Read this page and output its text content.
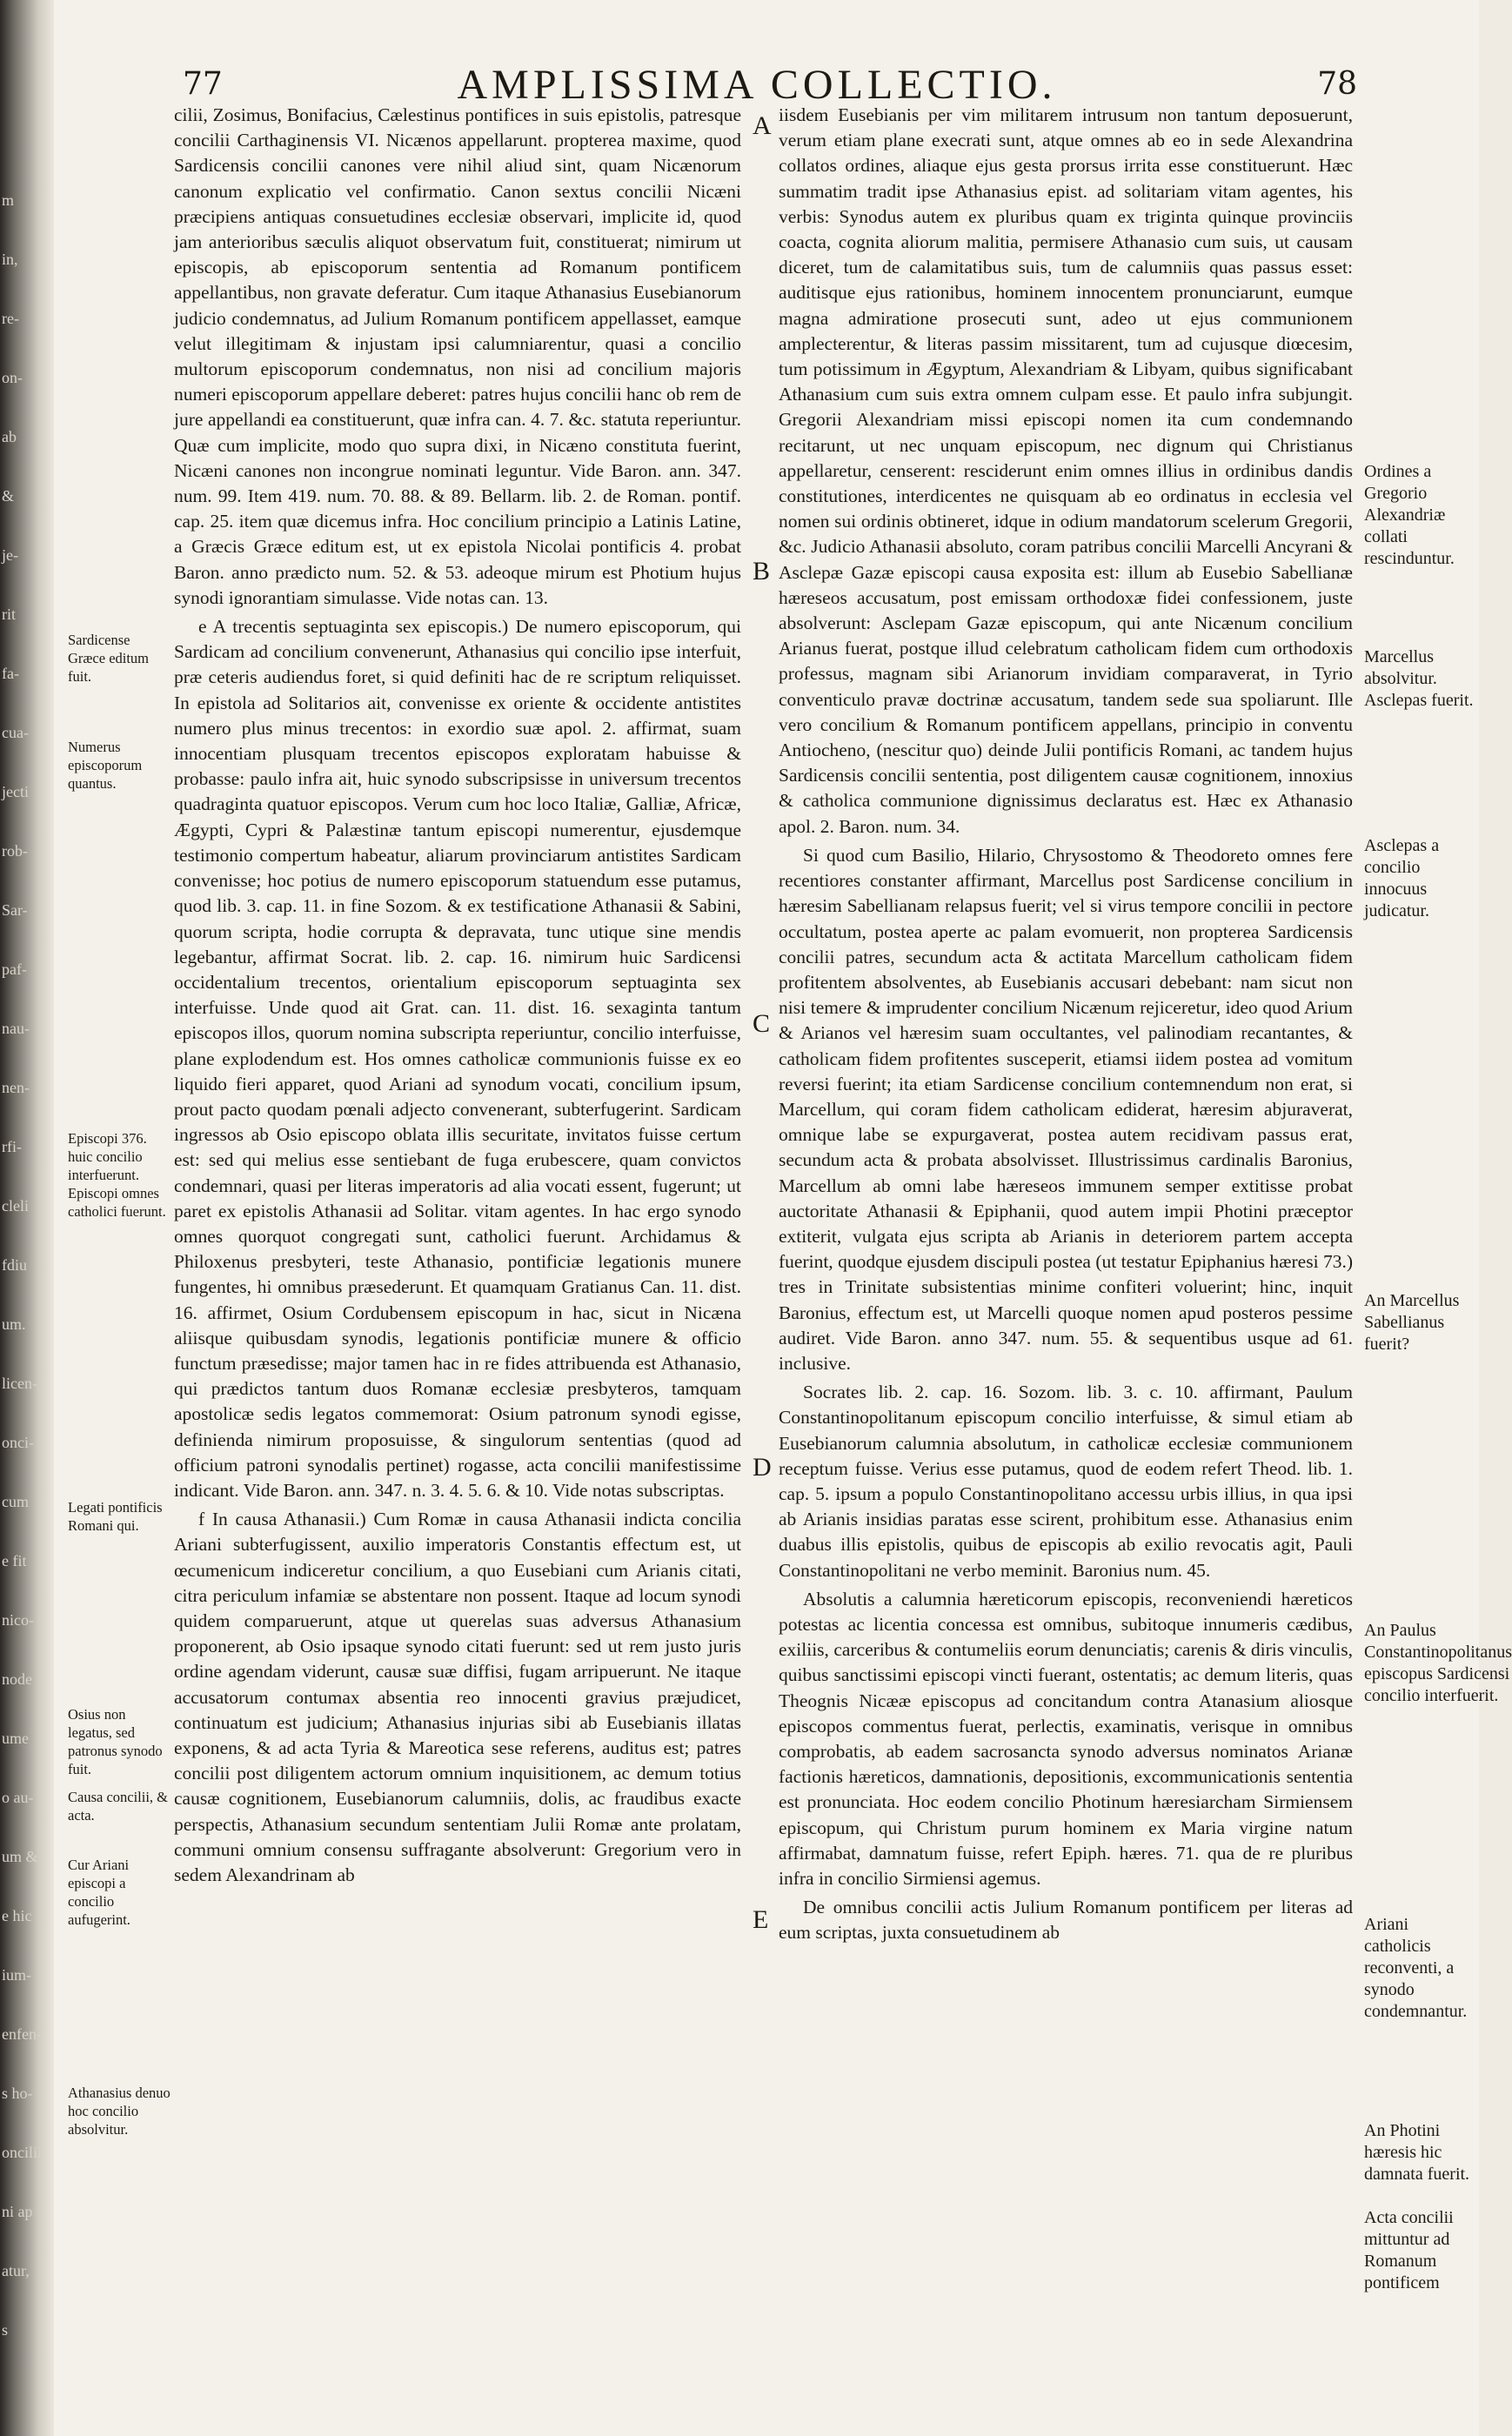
m
in,
re-
on-
ab
&
je-
rit
fa-
cua-
jecti
rob-
Sar-
paf-
nau-
nen-
rfi-
cleli
fdiu
um.
licen-
onci-
cum
e fit
nico-
node
ume
o au-
um &
e hic
ium-
enfen-
s ho-
oncilii
ni ap
atur,
s
77	AMPLISSIMA COLLECTIO.	78

cilii, Zosimus, Bonifacius, Cælestinus pontifices in suis epistolis, patresque concilii Carthaginensis VI. Nicænos appellarunt. propterea maxime, quod Sardicensis concilii canones vere nihil aliud sint, quam Nicænorum canonum explicatio vel confirmatio. Canon sextus concilii Nicæni præcipiens antiquas consuetudines ecclesiæ observari, implicite id, quod jam anterioribus sæculis aliquot observatum fuit, constituerat; nimirum ut episcopis, ab episcoporum sententia ad Romanum pontificem appellantibus, non gravate deferatur. Cum itaque Athanasius Eusebianorum judicio condemnatus, ad Julium Romanum pontificem appellasset, eamque velut illegitimam & injustam ipsi calumniarentur, quasi a concilio multorum episcoporum condemnatus, non nisi ad concilium majoris numeri episcoporum appellare deberet: patres hujus concilii hanc ob rem de jure appellandi ea constituerunt, quæ infra can. 4. 7. &c. statuta reperiuntur. Quæ cum implicite, modo quo supra dixi, in Nicæno constituta fuerint, Nicæni canones non incongrue nominati leguntur. Vide Baron. ann. 347. num. 99. Item 419. num. 70. 88. & 89. Bellarm. lib. 2. de Roman. pontif. cap. 25. item quæ dicemus infra. Hoc concilium principio a Latinis Latine, a Græcis Græce editum est, ut ex epistola Nicolai pontificis 4. probat Baron. anno prædicto num. 52. & 53. adeoque mirum est Photium hujus synodi ignorantiam simulasse. Vide notas can. 13.

e A trecentis septuaginta sex episcopis.) De numero episcoporum, qui Sardicam ad concilium convenerunt, Athanasius qui concilio ipse interfuit, præ ceteris audiendus foret, si quid definiti hac de re scriptum reliquisset. In epistola ad Solitarios ait, convenisse ex oriente & occidente antistites numero plus minus trecentos: in exordio suæ apol. 2. affirmat, suam innocentiam plusquam trecentos episcopos exploratam habuisse & probasse: paulo infra ait, huic synodo subscripsisse in universum trecentos quadraginta quatuor episcopos. Verum cum hoc loco Italiæ, Galliæ, Africæ, Ægypti, Cypri & Palæstinæ tantum episcopi numerentur, ejusdemque testimonio compertum habeatur, aliarum provinciarum antistites Sardicam convenisse; hoc potius de numero episcoporum statuendum esse putamus, quod lib. 3. cap. 11. in fine Sozom. & ex testificatione Athanasii & Sabini, quorum scripta, hodie corrupta & depravata, tunc utique sine mendis legebantur, affirmat Socrat. lib. 2. cap. 16. nimirum huic Sardicensi occidentalium trecentos, orientalium episcoporum septuaginta sex interfuisse. Unde quod ait Grat. can. 11. dist. 16. sexaginta tantum episcopos illos, quorum nomina subscripta reperiuntur, concilio interfuisse, plane explodendum est. Hos omnes catholicæ communionis fuisse ex eo liquido fieri apparet, quod Ariani ad synodum vocati, concilium ipsum, prout pacto quodam pœnali adjecto convenerant, subterfugerint. Sardicam ingressos ab Osio episcopo oblata illis securitate, invitatos fuisse certum est: sed qui melius esse sentiebant de fuga erubescere, quam convictos condemnari, quasi per literas imperatoris ad alia vocati essent, fugerunt; ut paret ex epistolis Athanasii ad Solitar. vitam agentes. In hac ergo synodo omnes quorquot congregati sunt, catholici fuerunt. Archidamus & Philoxenus presbyteri, teste Athanasio, pontificiæ legationis munere fungentes, hi omnibus præsederunt. Et quamquam Gratianus Can. 11. dist. 16. affirmet, Osium Cordubensem episcopum in hac, sicut in Nicæna aliisque quibusdam synodis, legationis pontificiæ munere & officio functum præsedisse; major tamen hac in re fides attribuenda est Athanasio, qui prædictos tantum duos Romanæ ecclesiæ presbyteros, tamquam apostolicæ sedis legatos commemorat: Osium patronum synodi egisse, definienda nimirum proposuisse, & singulorum sententias (quod ad officium patroni synodalis pertinet) rogasse, acta concilii manifestissime indicant. Vide Baron. ann. 347. n. 3. 4. 5. 6. & 10. Vide notas subscriptas.

f In causa Athanasii.) Cum Romæ in causa Athanasii indicta concilia Ariani subterfugissent, auxilio imperatoris Constantis effectum est, ut œcumenicum indiceretur concilium, a quo Eusebiani cum Arianis citati, citra periculum infamiæ se abstentare non possent. Itaque ad locum synodi quidem comparuerunt, atque ut querelas suas adversus Athanasium proponerent, ab Osio ipsaque synodo citati fuerunt: sed ut rem justo juris ordine agendam viderunt, causæ suæ diffisi, fugam arripuerunt. Ne itaque accusatorum contumax absentia reo innocenti gravius præjudicet, continuatum est judicium; Athanasius injurias sibi ab Eusebianis illatas exponens, & ad acta Tyria & Mareotica sese referens, auditus est; patres concilii post diligentem actorum omnium inquisitionem, ac demum totius causæ cognitionem, Eusebianorum calumniis, dolis, ac fraudibus exacte perspectis, Athanasium secundum sententiam Julii Romæ ante prolatam, communi omnium consensu suffragante absolverunt: Gregorium vero in sedem Alexandrinam ab

iisdem Eusebianis per vim militarem intrusum non tantum deposuerunt, verum etiam plane execrati sunt, atque omnes ab eo in sede Alexandrina collatos ordines, aliaque ejus gesta prorsus irrita esse constituerunt. Hæc summatim tradit ipse Athanasius epist. ad solitariam vitam agentes, his verbis: Synodus autem ex pluribus quam ex triginta quinque provinciis coacta, cognita aliorum malitia, permisere Athanasio cum suis, ut causam diceret, tum de calamitatibus suis, tum de calumniis quas passus esset: auditisque ejus rationibus, hominem innocentem pronunciarunt, eumque magna admiratione prosecuti sunt, adeo ut ejus communionem amplecterentur, & literas passim missitarent, tum ad cujusque diœcesim, tum potissimum in Ægyptum, Alexandriam & Libyam, quibus significabant Athanasium cum suis extra omnem culpam esse. Et paulo infra subjungit. Gregorii Alexandriam missi episcopi nomen ita cum condemnando recitarunt, ut nec unquam episcopum, nec dignum qui Christianus appellaretur, censerent: resciderunt enim omnes illius in ordinibus dandis constitutiones, interdicentes ne quisquam ab eo ordinatus in ecclesia vel nomen sui ordinis obtineret, idque in odium mandatorum scelerum Gregorii, &c. Judicio Athanasii absoluto, coram patribus concilii Marcelli Ancyrani & Asclepæ Gazæ episcopi causa exposita est: illum ab Eusebio Sabellianæ hæreseos accusatum, post emissam orthodoxæ fidei confessionem, juste absolverunt: Asclepam Gazæ episcopum, qui ante Nicænum concilium Arianus fuerat, postque illud celebratum catholicam fidem cum orthodoxis professus, magnam sibi Arianorum invidiam comparaverat, in Tyrio conventiculo pravæ doctrinæ accusatum, tandem sede sua spoliarunt. Ille vero concilium & Romanum pontificem appellans, principio in conventu Antiocheno, (nescitur quo) deinde Julii pontificis Romani, ac tandem hujus Sardicensis concilii sententia, post diligentem causæ cognitionem, innoxius & catholica communione dignissimus declaratus est. Hæc ex Athanasio apol. 2. Baron. num. 34.

Si quod cum Basilio, Hilario, Chrysostomo & Theodoreto omnes fere recentiores constanter affirmant, Marcellus post Sardicense concilium in hæresim Sabellianam relapsus fuerit; vel si virus tempore concilii in pectore occultatum, postea aperte ac palam evomuerit, non propterea Sardicensis concilii patres, secundum acta & actitata Marcellum catholicam fidem profitentem absolventes, ab Eusebianis accusari debebant: nam sicut non nisi temere & imprudenter concilium Nicænum rejiceretur, ideo quod Arium & Arianos vel hæresim suam occultantes, vel palinodiam recantantes, & catholicam fidem profitentes susceperit, etiamsi iidem postea ad vomitum reversi fuerint; ita etiam Sardicense concilium contemnendum non erat, si Marcellum, qui coram fidem catholicam ediderat, hæresim abjuraverat, omnique labe se expurgaverat, postea autem recidivam passus erat, secundum acta & probata absolvisset. Illustrissimus cardinalis Baronius, Marcellum ab omni labe hæreseos immunem semper extitisse probat auctoritate Athanasii & Epiphanii, quod autem impii Photini præceptor extiterit, vulgata ejus scripta ab Arianis in deteriorem partem accepta fuerint, quodque ejusdem discipuli postea (ut testatur Epiphanius hæresi 73.) tres in Trinitate subsistentias minime confiteri voluerint; hinc, inquit Baronius, effectum est, ut Marcelli quoque nomen apud posteros pessime audiret. Vide Baron. anno 347. num. 55. & sequentibus usque ad 61. inclusive.

Socrates lib. 2. cap. 16. Sozom. lib. 3. c. 10. affirmant, Paulum Constantinopolitanum episcopum concilio interfuisse, & simul etiam ab Eusebianorum calumnia absolutum, in catholicæ ecclesiæ communionem receptum fuisse. Verius esse putamus, quod de eodem refert Theod. lib. 1. cap. 5. ipsum a populo Constantinopolitano accessu urbis illius, in qua ipsi ab Arianis insidias paratas esse scirent, prohibitum esse. Athanasius enim duabus illis epistolis, quibus de episcopis ab exilio revocatis agit, Pauli Constantinopolitani ne verbo meminit. Baronius num. 45.

Absolutis a calumnia hæreticorum episcopis, reconveniendi hæreticos potestas ac licentia concessa est omnibus, subitoque innumeris cædibus, exiliis, carceribus & contumeliis eorum denunciatis; carenis & diris vinculis, quibus sanctissimi episcopi vincti fuerant, ostentatis; ac demum literis, quas Theognis Nicææ episcopus ad concitandum contra Atanasium aliosque episcopos commentus fuerat, perlectis, examinatis, verisque in omnibus comprobatis, ab eadem sacrosancta synodo adversus nominatos Arianæ factionis hæreticos, damnationis, depositionis, excommunicationis sententia est pronunciata. Hoc eodem concilio Photinum hæresiarcham Sirmiensem episcopum, qui Christum purum hominem ex Maria virgine natum affirmabat, damnatum fuisse, refert Epiph. hæres. 71. qua de re pluribus infra in concilio Sirmiensi agemus.

De omnibus concilii actis Julium Romanum pontificem per literas ad eum scriptas, juxta consuetudinem ab

A
B
C
D
E
Sardicense Græce editum fuit.
Numerus episcoporum quantus.
Episcopi 376. huic concilio interfuerunt. Episcopi omnes catholici fuerunt.
Legati pontificis Romani qui.
Osius non legatus, sed patronus synodo fuit.
Causa concilii, & acta.
Cur Ariani episcopi a concilio aufugerint.
Athanasius denuo hoc concilio absolvitur.
Ordines a Gregorio Alexandriæ collati rescinduntur.
Marcellus absolvitur. Asclepas fuerit.
Asclepas a concilio innocuus judicatur.
An Marcellus Sabellianus fuerit?
An Paulus Constantinopolitanus episcopus Sardicensi concilio interfuerit.
Ariani catholicis reconventi, a synodo condemnantur.
An Photini hæresis hic damnata fuerit.
Acta concilii mittuntur ad Romanum pontificem
